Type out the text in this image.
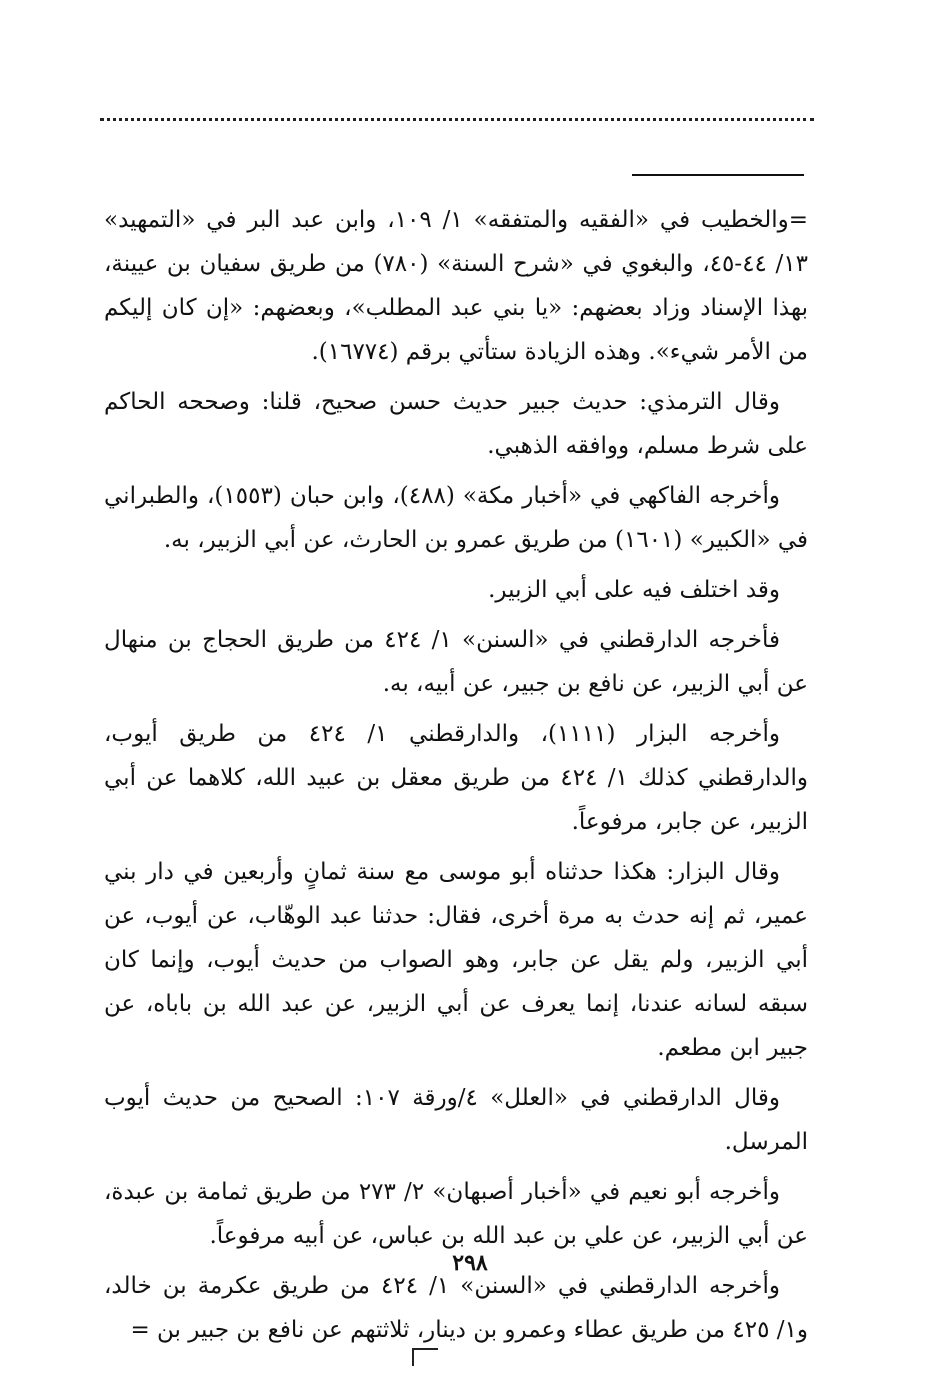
=والخطيب في «الفقيه والمتفقه» ١/ ١٠٩، وابن عبد البر في «التمهيد» ١٣/ ٤٤-٤٥، والبغوي في «شرح السنة» (٧٨٠) من طريق سفيان بن عيينة، بهذا الإسناد وزاد بعضهم: «يا بني عبد المطلب»، وبعضهم: «إن كان إليكم من الأمر شيء». وهذه الزيادة ستأتي برقم (١٦٧٧٤).

وقال الترمذي: حديث جبير حديث حسن صحيح، قلنا: وصححه الحاكم على شرط مسلم، ووافقه الذهبي.

وأخرجه الفاكهي في «أخبار مكة» (٤٨٨)، وابن حبان (١٥٥٣)، والطبراني في «الكبير» (١٦٠١) من طريق عمرو بن الحارث، عن أبي الزبير، به.

وقد اختلف فيه على أبي الزبير.

فأخرجه الدارقطني في «السنن» ١/ ٤٢٤ من طريق الحجاج بن منهال عن أبي الزبير، عن نافع بن جبير، عن أبيه، به.

وأخرجه البزار (١١١١)، والدارقطني ١/ ٤٢٤ من طريق أيوب، والدارقطني كذلك ١/ ٤٢٤ من طريق معقل بن عبيد الله، كلاهما عن أبي الزبير، عن جابر، مرفوعاً.

وقال البزار: هكذا حدثناه أبو موسى مع سنة ثمانٍ وأربعين في دار بني عمير، ثم إنه حدث به مرة أخرى، فقال: حدثنا عبد الوهّاب، عن أيوب، عن أبي الزبير، ولم يقل عن جابر، وهو الصواب من حديث أيوب، وإنما كان سبقه لسانه عندنا، إنما يعرف عن أبي الزبير، عن عبد الله بن باباه، عن جبير ابن مطعم.

وقال الدارقطني في «العلل» ٤/ورقة ١٠٧: الصحيح من حديث أيوب المرسل.

وأخرجه أبو نعيم في «أخبار أصبهان» ٢/ ٢٧٣ من طريق ثمامة بن عبدة، عن أبي الزبير، عن علي بن عبد الله بن عباس، عن أبيه مرفوعاً.

وأخرجه الدارقطني في «السنن» ١/ ٤٢٤ من طريق عكرمة بن خالد، و١/ ٤٢٥ من طريق عطاء وعمرو بن دينار، ثلاثتهم عن نافع بن جبير بن =

٢٩٨
